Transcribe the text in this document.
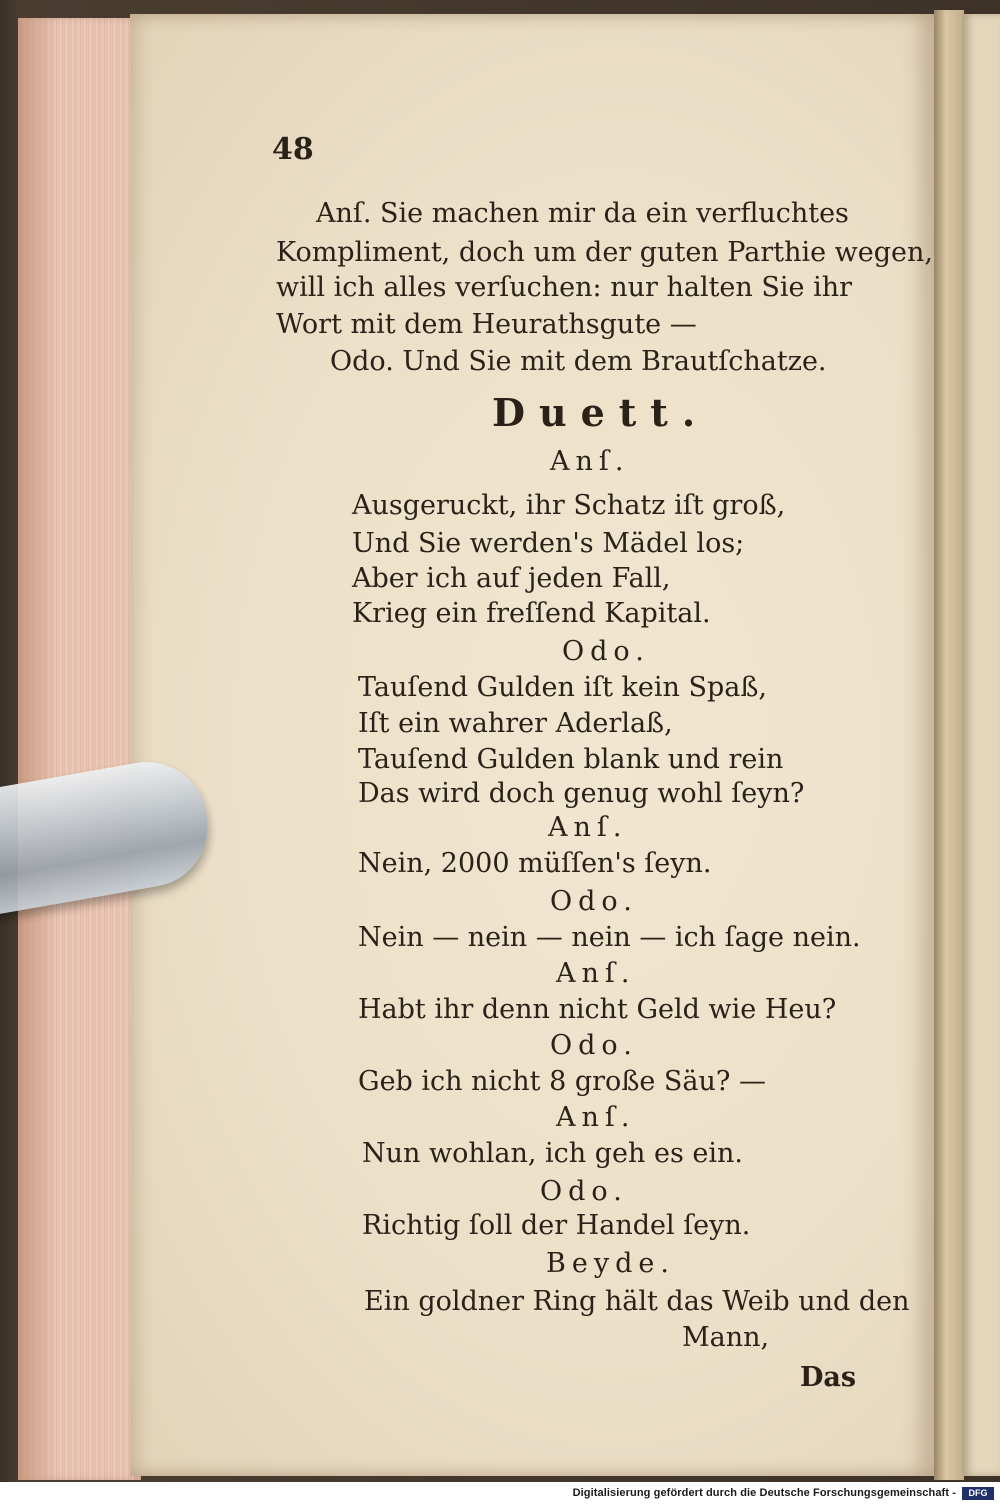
48
Anſ. Sie machen mir da ein verfluchtes
Kompliment, doch um der guten Parthie wegen,
will ich alles verſuchen: nur halten Sie ihr
Wort mit dem Heurathsgute —
Odo. Und Sie mit dem Brautſchatze.
Duett.
Anſ.
Ausgeruckt, ihr Schatz iſt groß,
Und Sie werden's Mädel los;
Aber ich auf jeden Fall,
Krieg ein freſſend Kapital.
Odo.
Tauſend Gulden iſt kein Spaß,
Iſt ein wahrer Aderlaß,
Tauſend Gulden blank und rein
Das wird doch genug wohl ſeyn?
Anſ.
Nein, 2000 müſſen's ſeyn.
Odo.
Nein — nein — nein — ich ſage nein.
Anſ.
Habt ihr denn nicht Geld wie Heu?
Odo.
Geb ich nicht 8 große Säu? —
Anſ.
Nun wohlan, ich geh es ein.
Odo.
Richtig ſoll der Handel ſeyn.
Beyde.
Ein goldner Ring hält das Weib und den
Mann,
Das
Digitalisierung gefördert durch die Deutsche Forschungsgemeinschaft -	DFG
